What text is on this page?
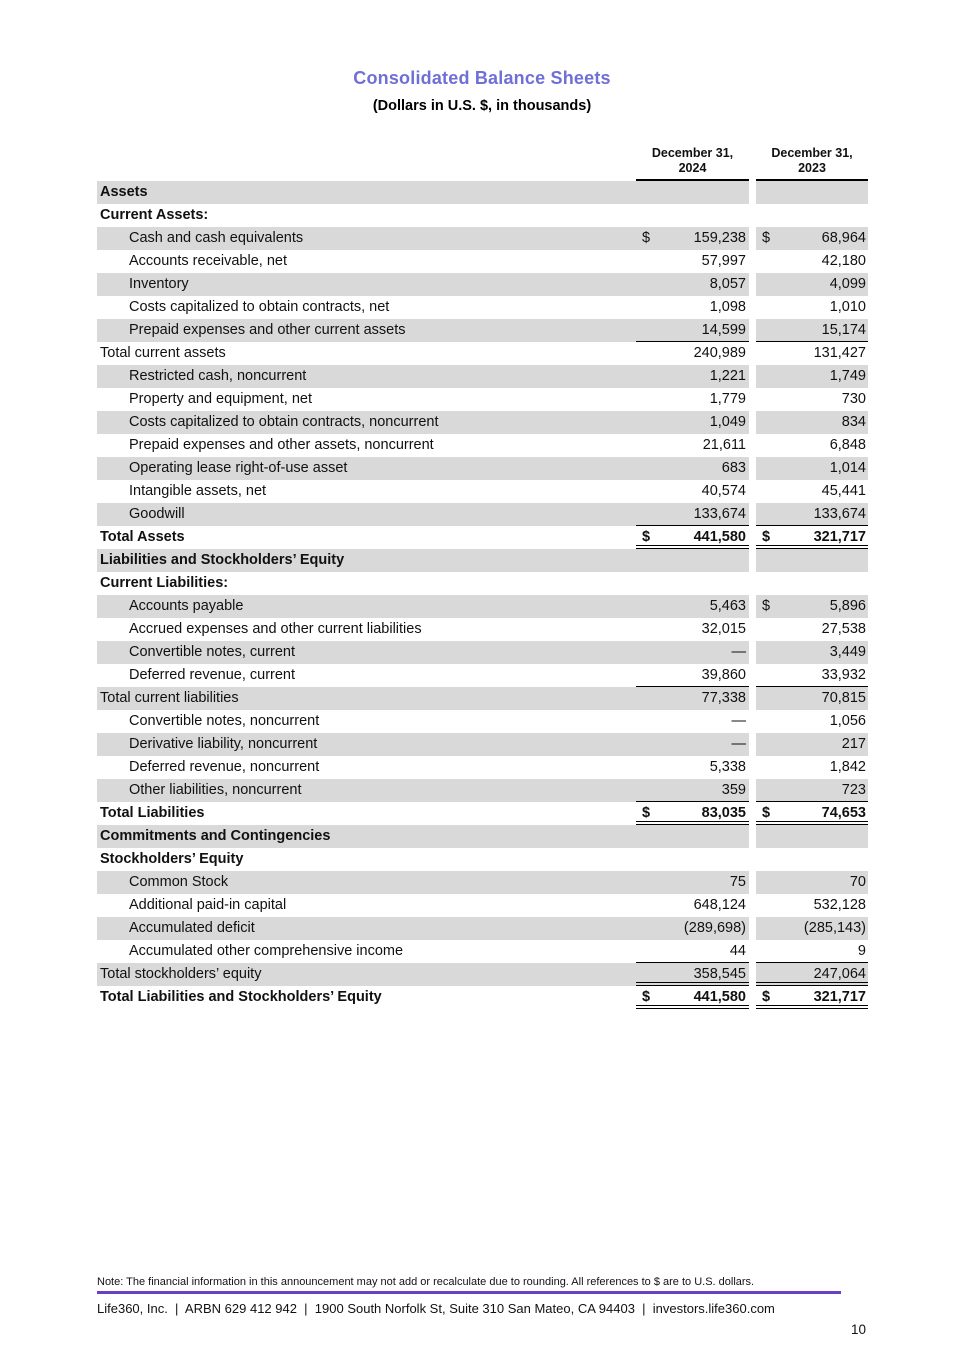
Consolidated Balance Sheets
(Dollars in U.S. $, in thousands)
December 31,
2024
December 31,
2023
Assets
Current Assets:
Cash and cash equivalents	$	159,238 $	68,964
Accounts receivable, net	57,997	42,180
Inventory	8,057	4,099
Costs capitalized to obtain contracts, net	1,098	1,010
Prepaid expenses and other current assets	14,599	15,174
Total current assets	240,989	131,427
Restricted cash, noncurrent	1,221	1,749
Property and equipment, net	1,779	730
Costs capitalized to obtain contracts, noncurrent	1,049	834
Prepaid expenses and other assets, noncurrent	21,611	6,848
Operating lease right-of-use asset	683	1,014
Intangible assets, net	40,574	45,441
Goodwill	133,674	133,674
Total Assets	$	441,580 $	321,717
Liabilities and Stockholders’ Equity
Current Liabilities:
Accounts payable	5,463 $	5,896
Accrued expenses and other current liabilities	32,015	27,538
Convertible notes, current	—	3,449
Deferred revenue, current	39,860	33,932
Total current liabilities	77,338	70,815
Convertible notes, noncurrent	—	1,056
Derivative liability, noncurrent	—	217
Deferred revenue, noncurrent	5,338	1,842
Other liabilities, noncurrent	359	723
Total Liabilities	$	83,035 $	74,653
Commitments and Contingencies
Stockholders’ Equity
Common Stock	75	70
Additional paid-in capital	648,124	532,128
Accumulated deficit	(289,698)	(285,143)
Accumulated other comprehensive income	44	9
Total stockholders’ equity	358,545	247,064
Total Liabilities and Stockholders’ Equity	$	441,580 $	321,717
Note: The financial information in this announcement may not add or recalculate due to rounding. All references to $ are to U.S. dollars.
Life360, Inc.  |  ARBN 629 412 942  |  1900 South Norfolk St, Suite 310 San Mateo, CA 94403  |  investors.life360.com
10
